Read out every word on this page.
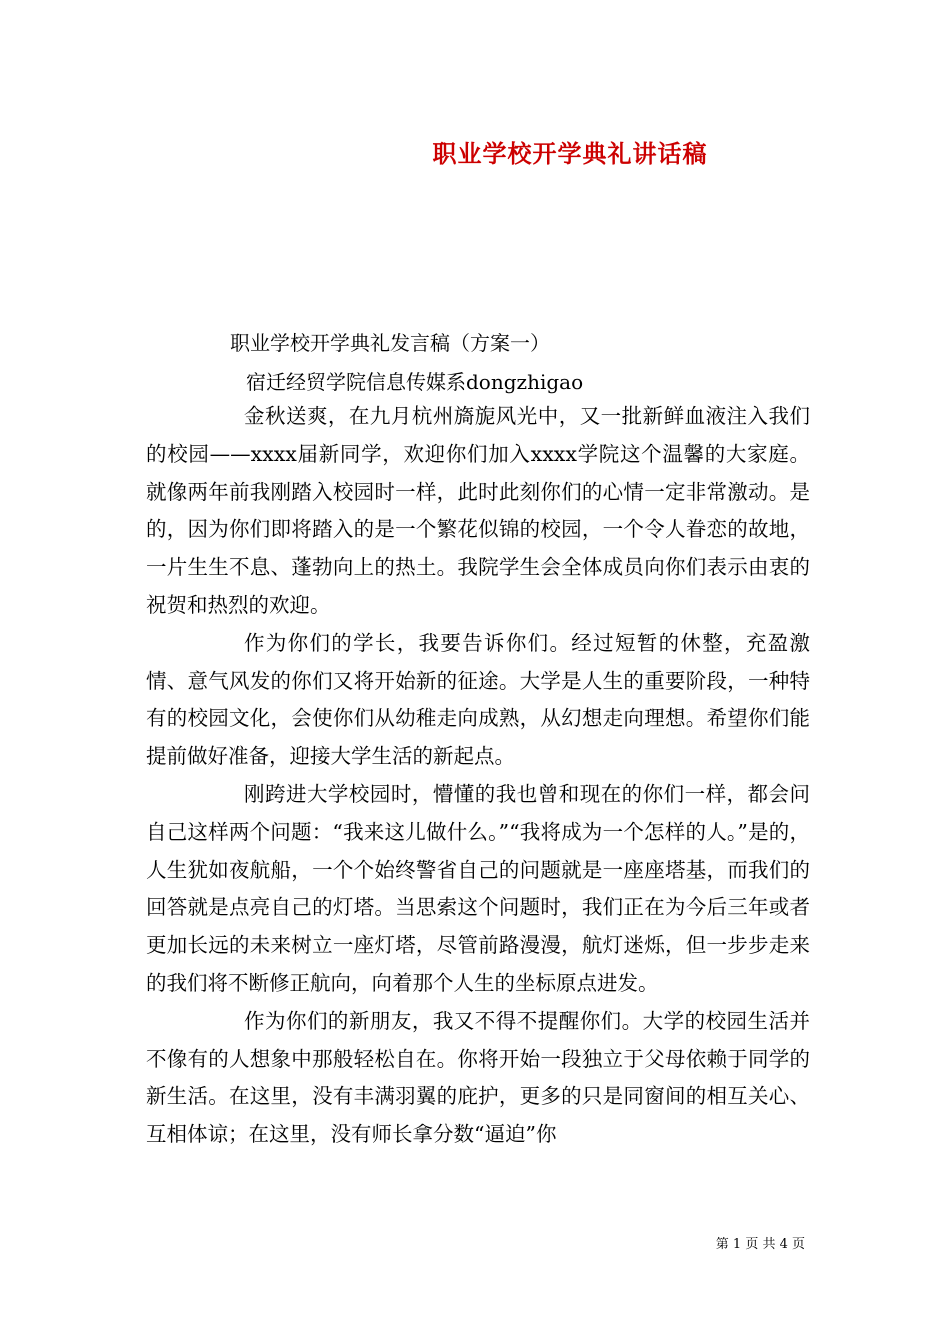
职业学校开学典礼讲话稿
职业学校开学典礼发言稿（方案一）
宿迁经贸学院信息传媒系dongzhigao

金秋送爽，在九月杭州旖旎风光中，又一批新鲜血液注入我们的校园——xxxx届新同学，欢迎你们加入xxxx学院这个温馨的大家庭。就像两年前我刚踏入校园时一样，此时此刻你们的心情一定非常激动。是的，因为你们即将踏入的是一个繁花似锦的校园，一个令人眷恋的故地，一片生生不息、蓬勃向上的热土。我院学生会全体成员向你们表示由衷的祝贺和热烈的欢迎。

作为你们的学长，我要告诉你们。经过短暂的休整，充盈激情、意气风发的你们又将开始新的征途。大学是人生的重要阶段，一种特有的校园文化，会使你们从幼稚走向成熟，从幻想走向理想。希望你们能提前做好准备，迎接大学生活的新起点。

刚跨进大学校园时，懵懂的我也曾和现在的你们一样，都会问自己这样两个问题：“我来这儿做什么。”“我将成为一个怎样的人。”是的，人生犹如夜航船，一个个始终警省自己的问题就是一座座塔基，而我们的回答就是点亮自己的灯塔。当思索这个问题时，我们正在为今后三年或者更加长远的未来树立一座灯塔，尽管前路漫漫，航灯迷烁，但一步步走来的我们将不断修正航向，向着那个人生的坐标原点进发。

作为你们的新朋友，我又不得不提醒你们。大学的校园生活并不像有的人想象中那般轻松自在。你将开始一段独立于父母依赖于同学的新生活。在这里，没有丰满羽翼的庇护，更多的只是同窗间的相互关心、互相体谅；在这里，没有师长拿分数“逼迫”你

第 1 页 共 4 页
